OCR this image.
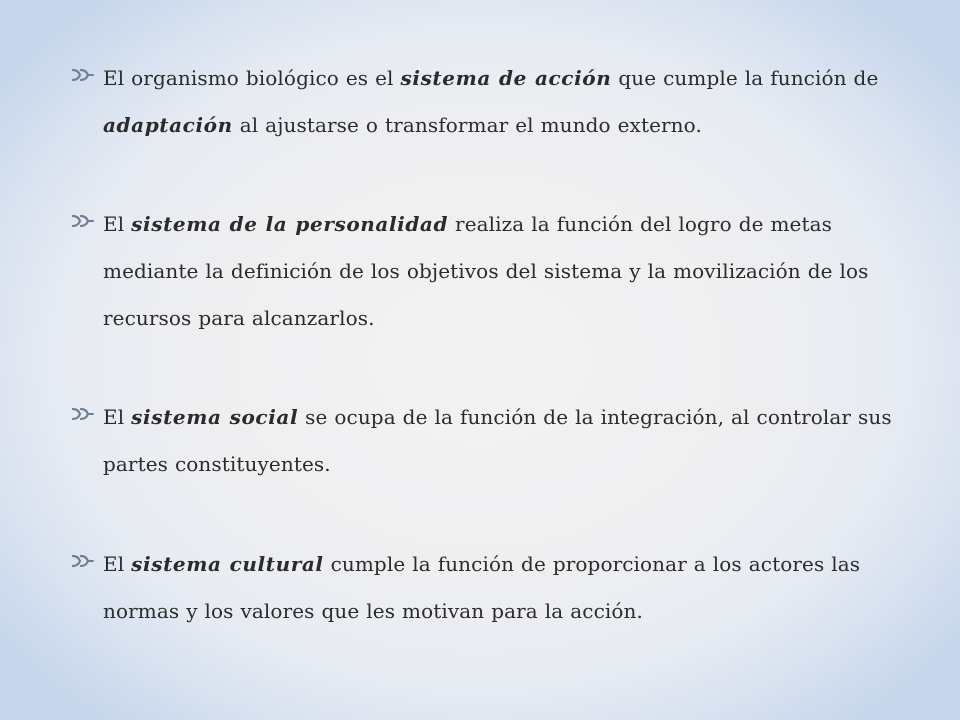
El organismo biológico es el sistema de acción que cumple la función de adaptación al ajustarse o transformar el mundo externo.
El sistema de la personalidad realiza la función del logro de metas mediante la definición de los objetivos del sistema y la movilización de los recursos para alcanzarlos.
El sistema social se ocupa de la función de la integración, al controlar sus partes constituyentes.
El sistema cultural cumple la función de proporcionar a los actores las normas y los valores que les motivan para la acción.
